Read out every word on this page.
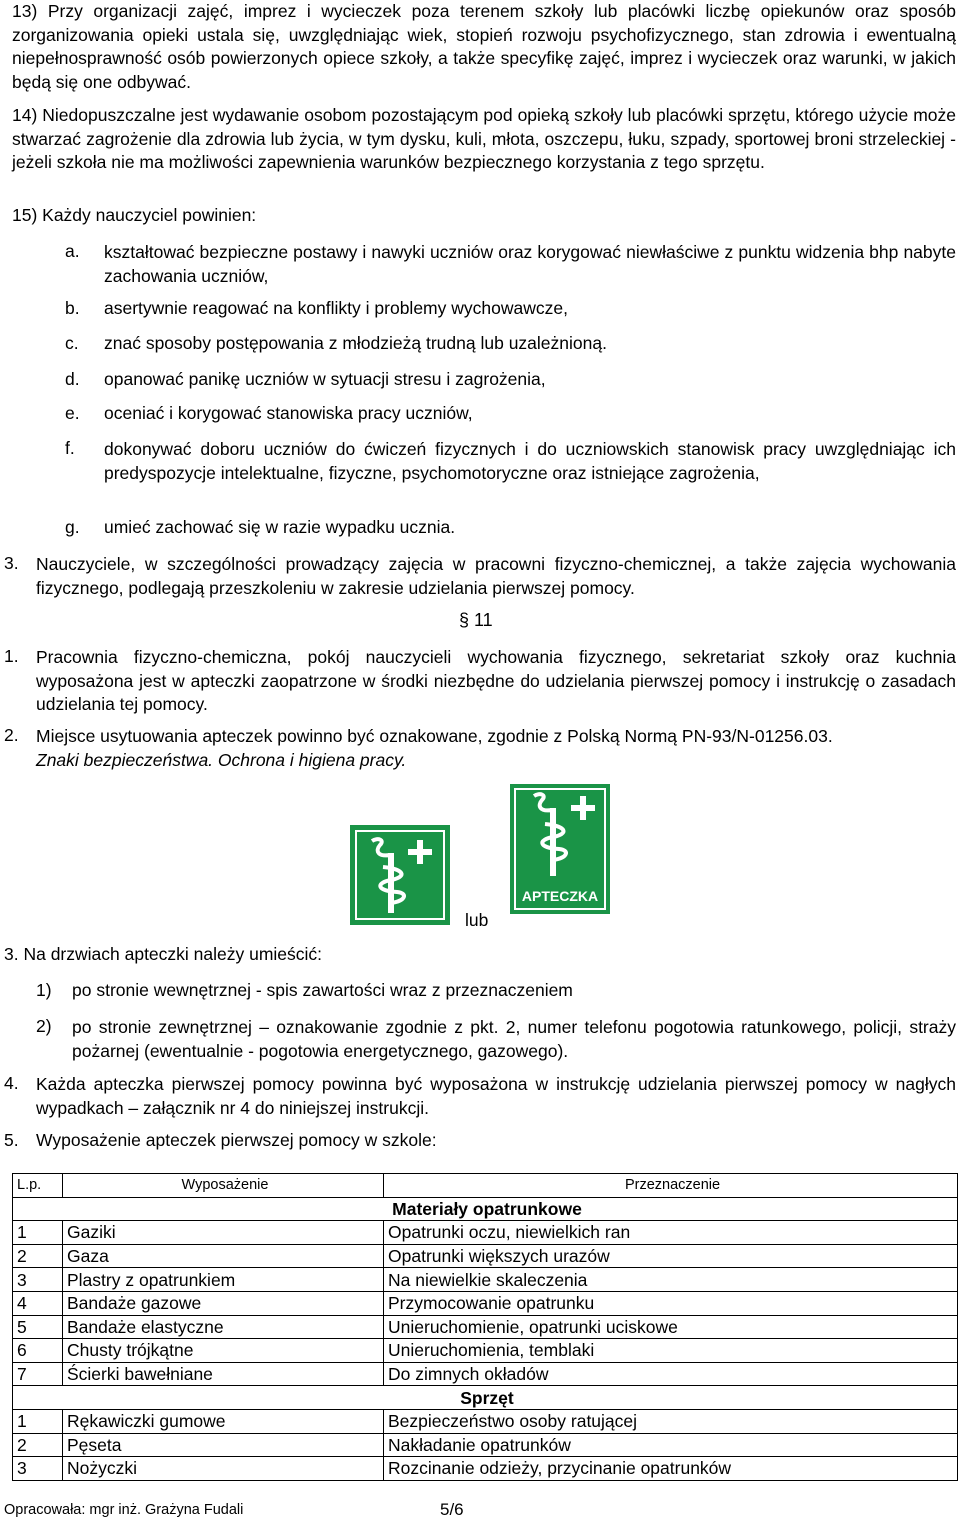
13) Przy organizacji zajęć, imprez i wycieczek poza terenem szkoły lub placówki liczbę opiekunów oraz sposób zorganizowania opieki ustala się, uwzględniając wiek, stopień rozwoju psychofizycznego, stan zdrowia i ewentualną niepełnosprawność osób powierzonych opiece szkoły, a także specyfikę zajęć, imprez i wycieczek oraz warunki, w jakich będą się one odbywać.
14) Niedopuszczalne jest wydawanie osobom pozostającym pod opieką szkoły lub placówki sprzętu, którego użycie może stwarzać zagrożenie dla zdrowia lub życia, w tym dysku, kuli, młota, oszczepu, łuku, szpady, sportowej broni strzeleckiej - jeżeli szkoła nie ma możliwości zapewnienia warunków bezpiecznego korzystania z tego sprzętu.
15) Każdy nauczyciel powinien:
a. kształtować bezpieczne postawy i nawyki uczniów oraz korygować niewłaściwe z punktu widzenia bhp nabyte zachowania uczniów,
b. asertywnie reagować na konflikty i problemy wychowawcze,
c. znać sposoby postępowania z młodzieżą trudną lub uzależnioną.
d. opanować panikę uczniów w sytuacji stresu i zagrożenia,
e. oceniać i korygować stanowiska pracy uczniów,
f. dokonywać doboru uczniów do ćwiczeń fizycznych i do uczniowskich stanowisk pracy uwzględniając ich predyspozycje intelektualne, fizyczne, psychomotoryczne oraz istniejące zagrożenia,
g. umieć zachować się w razie wypadku ucznia.
3. Nauczyciele, w szczególności prowadzący zajęcia w pracowni fizyczno-chemicznej, a także zajęcia wychowania fizycznego, podlegają przeszkoleniu w zakresie udzielania pierwszej pomocy.
§ 11
1. Pracownia fizyczno-chemiczna, pokój nauczycieli wychowania fizycznego, sekretariat szkoły oraz kuchnia wyposażona jest w apteczki zaopatrzone w środki niezbędne do udzielania pierwszej pomocy i instrukcję o zasadach udzielania tej pomocy.
2. Miejsce usytuowania apteczek powinno być oznakowane, zgodnie z Polską Normą PN-93/N-01256.03.
Znaki bezpieczeństwa. Ochrona i higiena pracy.
APTECZKA
lub
3. Na drzwiach apteczki należy umieścić:
1) po stronie wewnętrznej - spis zawartości wraz z przeznaczeniem
2) po stronie zewnętrznej – oznakowanie zgodnie z pkt. 2, numer telefonu pogotowia ratunkowego, policji, straży pożarnej (ewentualnie - pogotowia energetycznego, gazowego).
4. Każda apteczka pierwszej pomocy powinna być wyposażona w instrukcję udzielania pierwszej pomocy w nagłych wypadkach – załącznik nr 4 do niniejszej instrukcji.
5. Wyposażenie apteczek pierwszej pomocy w szkole:
L.p.	Wyposażenie	Przeznaczenie
Materiały opatrunkowe		
1	Gaziki	Opatrunki oczu, niewielkich ran
2	Gaza	Opatrunki większych urazów
3	Plastry z opatrunkiem	Na niewielkie skaleczenia
4	Bandaże gazowe	Przymocowanie opatrunku
5	Bandaże elastyczne	Unieruchomienie, opatrunki uciskowe
6	Chusty trójkątne	Unieruchomienia, temblaki
7	Ścierki bawełniane	Do zimnych okładów
Sprzęt		
1	Rękawiczki gumowe	Bezpieczeństwo osoby ratującej
2	Pęseta	Nakładanie opatrunków
3	Nożyczki	Rozcinanie odzieży, przycinanie opatrunków
Opracowała: mgr inż. Grażyna Fudali	5/6
